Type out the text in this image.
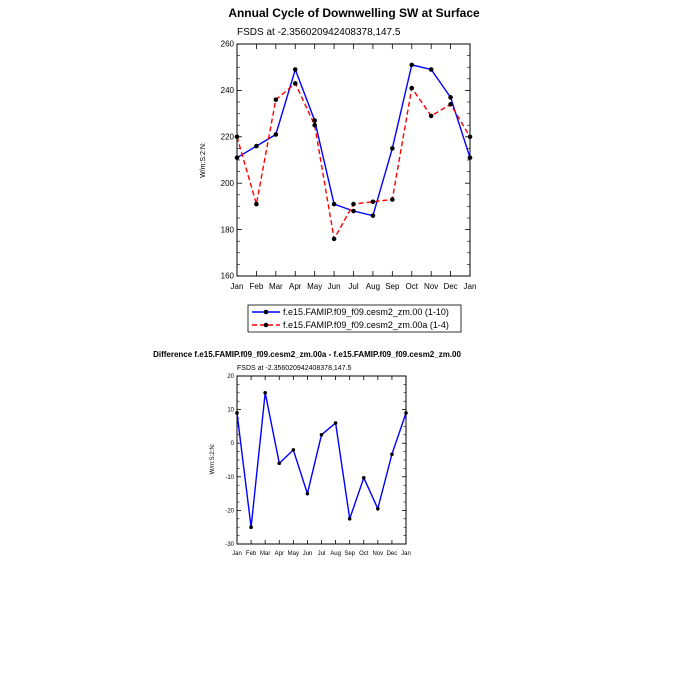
Annual Cycle of Downwelling SW at Surface
FSDS at -2.356020942408378,147.5
W/m:S:2:N:
160
180
200
220
240
260
Jan Feb Mar Apr May Jun Jul Aug Sep Oct Nov Dec Jan
f.e15.FAMIP.f09_f09.cesm2_zm.00 (1-10)
f.e15.FAMIP.f09_f09.cesm2_zm.00a (1-4)
Difference f.e15.FAMIP.f09_f09.cesm2_zm.00a - f.e15.FAMIP.f09_f09.cesm2_zm.00
FSDS at -2.356020942408378,147.5
W/m:S:2:N:
-30
-20
-10
0
10
20
Jan Feb Mar Apr May Jun Jul Aug Sep Oct Nov Dec Jan
